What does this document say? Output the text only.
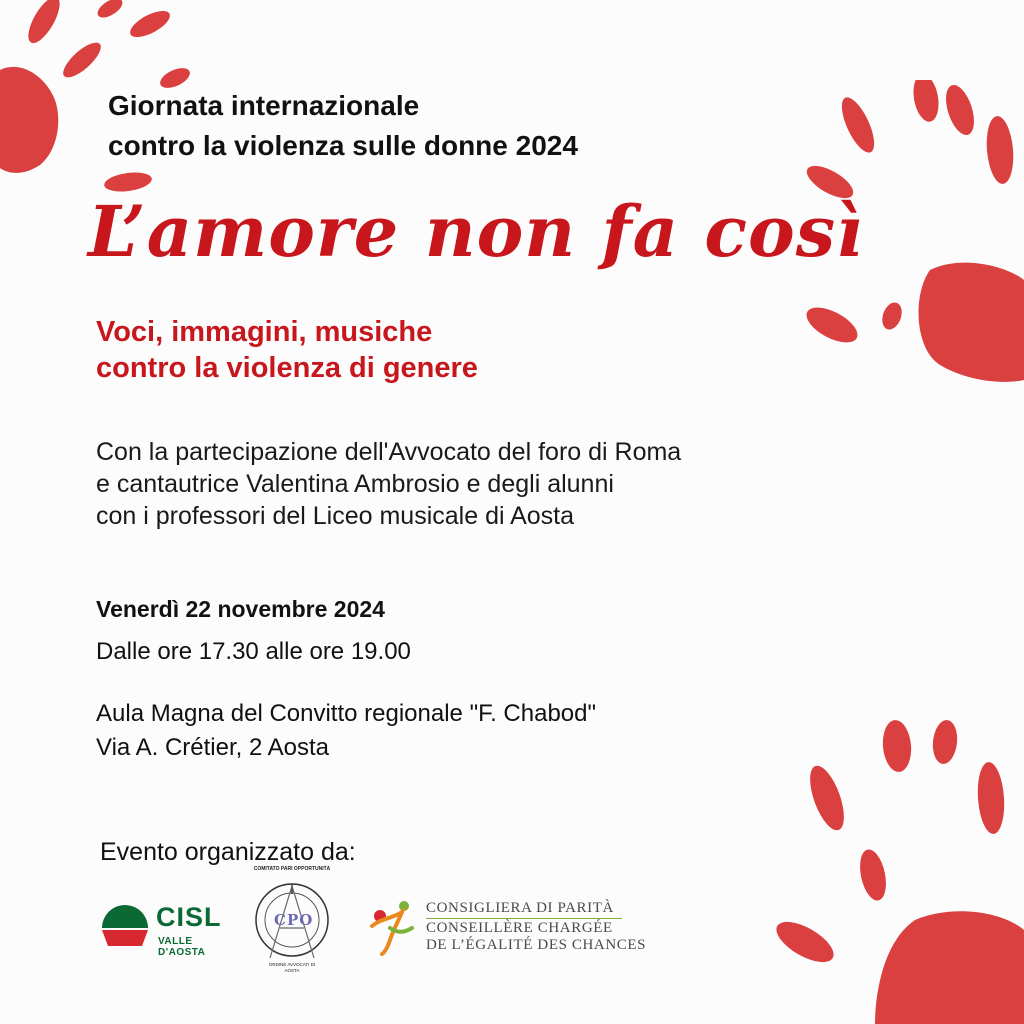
Giornata internazionale
contro la violenza sulle donne 2024
L’amore non fa così
Voci, immagini, musiche
contro la violenza di genere
Con la partecipazione dell'Avvocato del foro di Roma
e cantautrice Valentina Ambrosio e degli alunni
con i professori del Liceo musicale di Aosta
Venerdì 22 novembre 2024
Dalle ore 17.30 alle ore 19.00
Aula Magna del Convitto regionale "F. Chabod"
Via A. Crétier, 2 Aosta
Evento organizzato da:
CISL
VALLE D'AOSTA
CPO
COMITATO PARI OPPORTUNITÀ
ORDINE AVVOCATI DI AOSTA
CONSIGLIERA DI PARITÀ
CONSEILLÈRE CHARGÉE
DE L’ÉGALITÉ DES CHANCES
